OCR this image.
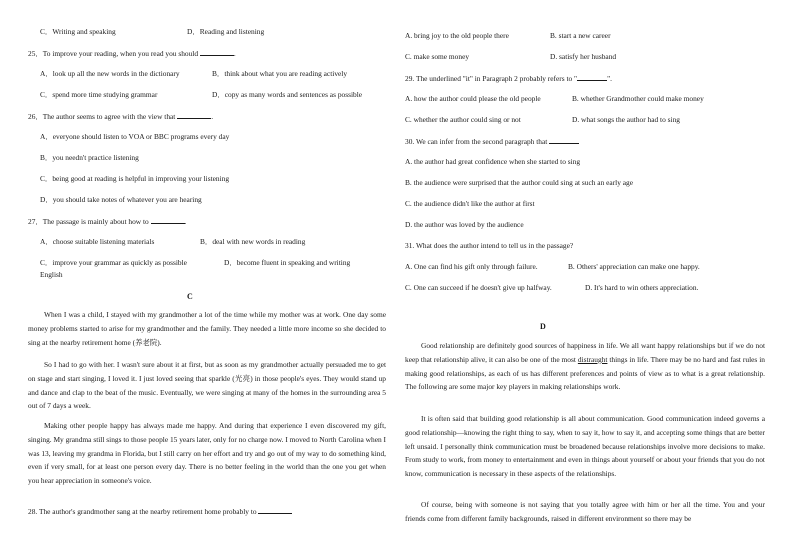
C．Writing and speaking	D．Reading and listening
25．To improve your reading, when you read you should	.
A．look up all the new words in the dictionary	B．think about what you are reading actively
C．spend more time studying grammar	D．copy as many words and sentences as possible
26．The author seems to agree with the view that	.
A．everyone should listen to VOA or BBC programs every day
B．you needn't practice listening
C．being good at reading is helpful in improving your listening
D．you should take notes of whatever you are hearing
27．The passage is mainly about how to	.
A．choose suitable listening materials	B．deal with new words in reading
C．improve your grammar as quickly as possible	D．become fluent in speaking and writing
English
C
When I was a child, I stayed with my grandmother a lot of the time while my mother was at work. One day some money problems started to arise for my grandmother and the family. They needed a little more income so she decided to sing at the nearby retirement home (养老院).
So I had to go with her. I wasn't sure about it at first, but as soon as my grandmother actually persuaded me to get on stage and start singing, I loved it. I just loved seeing that sparkle (光亮) in those people's eyes. They would stand up and dance and clap to the beat of the music. Eventually, we were singing at many of the homes in the surrounding area 5 out of 7 days a week.
Making other people happy has always made me happy. And during that experience I even discovered my gift, singing. My grandma still sings to those people 15 years later, only for no charge now. I moved to North Carolina when I was 13, leaving my grandma in Florida, but I still carry on her effort and try and go out of my way to do something kind, even if very small, for at least one person every day. There is no better feeling in the world than the one you get when you hear appreciation in someone's voice.
28. The author's grandmother sang at the nearby retirement home probably to
A. bring joy to the old people there	B. start a new career
C. make some money	D. satisfy her husband
29. The underlined "it" in Paragraph 2 probably refers to "	".
A. how the author could please the old people	B. whether Grandmother could make money
C. whether the author could sing or not	D. what songs the author had to sing
30. We can infer from the second paragraph that
A. the author had great confidence when she started to sing
B. the audience were surprised that the author could sing at such an early age
C. the audience didn't like the author at first
D. the author was loved by the audience
31. What does the author intend to tell us in the passage?
A. One can find his gift only through failure.	B. Others' appreciation can make one happy.
C. One can succeed if he doesn't give up halfway.	D. It's hard to win others appreciation.
D
Good relationship are definitely good sources of happiness in life. We all want happy relationships but if we do not keep that relationship alive, it can also be one of the most distraught things in life. There may be no hard and fast rules in making good relationships, as each of us has different preferences and points of view as to what is a great relationship. The following are some major key players in making relationships work.
It is often said that building good relationship is all about communication. Good communication indeed governs a good relationship—knowing the right thing to say, when to say it, how to say it, and accepting some things that are better left unsaid. I personally think communication must be broadened because relationships involve more decisions to make. From study to work, from money to entertainment and even in things about yourself or about your friends that you do not know, communication is necessary in these aspects of the relationships.
Of course, being with someone is not saying that you totally agree with him or her all the time. You and your friends come from different family backgrounds, raised in different environment so there may be
